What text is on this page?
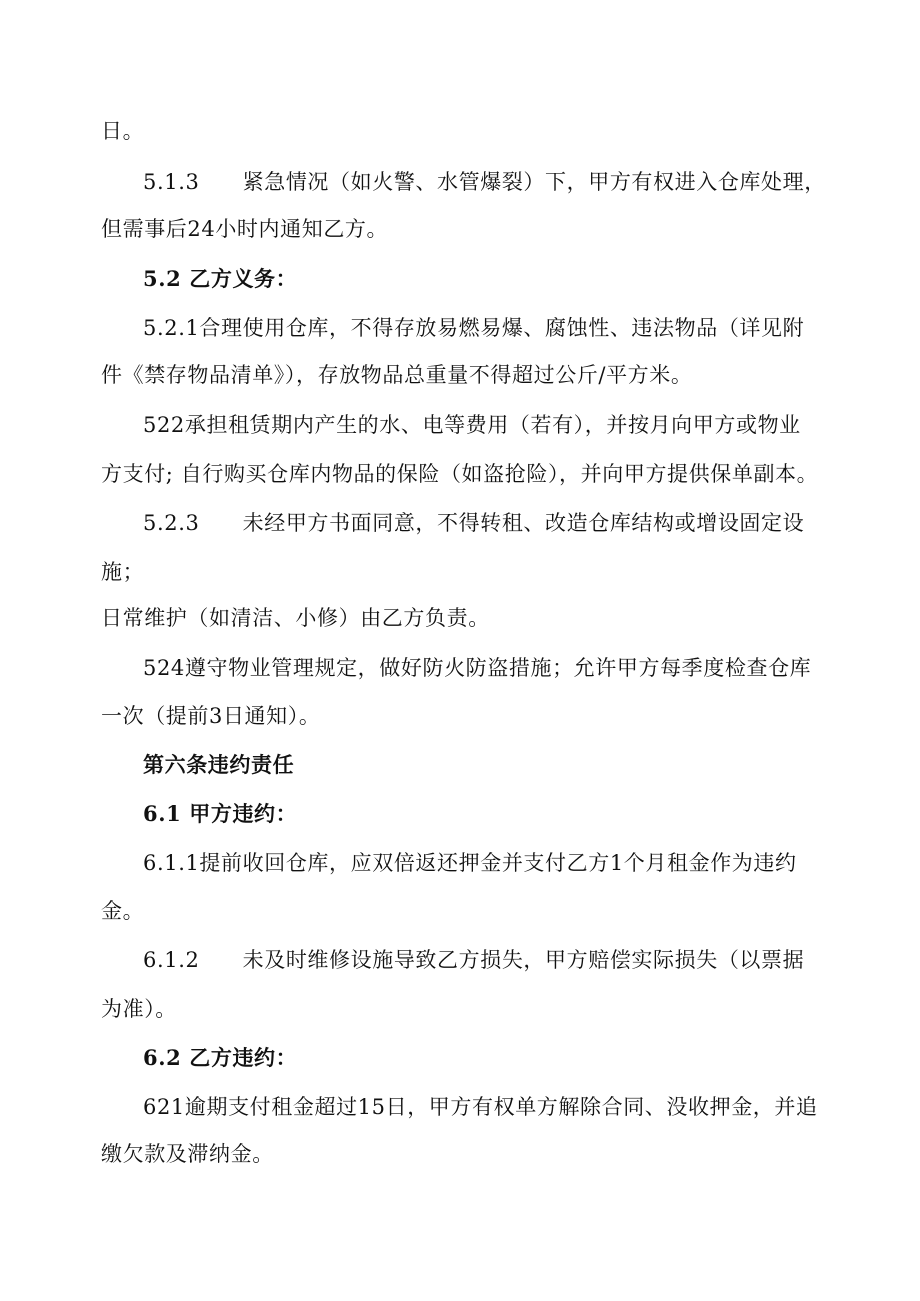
日。
5.1.3　　紧急情况（如火警、水管爆裂）下，甲方有权进入仓库处理，
但需事后24小时内通知乙方。
5.2 乙方义务：
5.2.1合理使用仓库，不得存放易燃易爆、腐蚀性、违法物品（详见附
件《禁存物品清单》），存放物品总重量不得超过公斤/平方米。
522承担租赁期内产生的水、电等费用（若有），并按月向甲方或物业
方支付; 自行购买仓库内物品的保险（如盗抢险），并向甲方提供保单副本。
5.2.3　　未经甲方书面同意，不得转租、改造仓库结构或增设固定设
施；
日常维护（如清洁、小修）由乙方负责。
524遵守物业管理规定，做好防火防盗措施；允许甲方每季度检查仓库
一次（提前3日通知）。
第六条违约责任
6.1 甲方违约：
6.1.1提前收回仓库，应双倍返还押金并支付乙方1个月租金作为违约
金。
6.1.2　　未及时维修设施导致乙方损失，甲方赔偿实际损失（以票据
为准）。
6.2 乙方违约：
621逾期支付租金超过15日，甲方有权单方解除合同、没收押金，并追
缴欠款及滞纳金。
